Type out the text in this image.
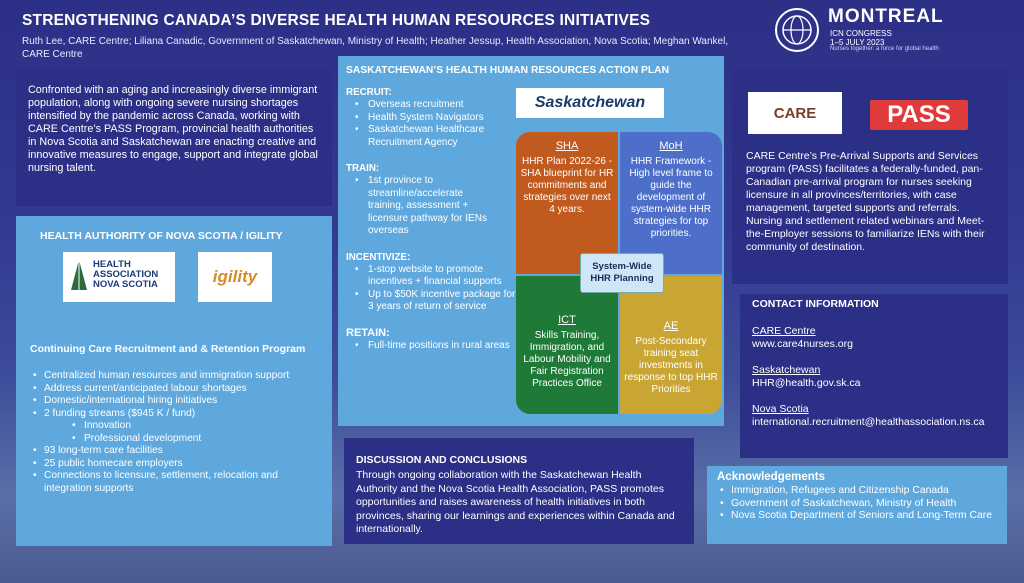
STRENGTHENING CANADA’S DIVERSE HEALTH HUMAN RESOURCES INITIATIVES
Ruth Lee, CARE Centre; Liliana Canadic, Government of Saskatchewan, Ministry of Health; Heather Jessup, Health Association, Nova Scotia; Meghan Wankel, CARE Centre
MONTREAL
ICN CONGRESS
1–5 JULY 2023
Nurses together: a force for global health
Confronted with an aging and increasingly diverse immigrant population, along with ongoing severe nursing shortages intensified by the pandemic across Canada, working with CARE Centre’s PASS Program, provincial health authorities in Nova Scotia and Saskatchewan are enacting creative and innovative measures to engage, support and integrate global nursing talent.
HEALTH AUTHORITY OF NOVA SCOTIA / IGILITY
Continuing Care Recruitment and & Retention Program
• Centralized human resources and immigration support
• Address current/anticipated labour shortages
• Domestic/international hiring initiatives
• 2 funding streams ($945 K / fund)
• Innovation
• Professional development
• 93 long-term care facilities
• 25 public homecare employers
• Connections to licensure, settlement, relocation and integration supports
HEALTH
ASSOCIATION
NOVA SCOTIA	igility
SASKATCHEWAN’S HEALTH HUMAN RESOURCES ACTION PLAN
RECRUIT:
• Overseas recruitment
• Health System Navigators
• Saskatchewan Healthcare Recruitment Agency
TRAIN:
• 1st province to streamline/accelerate training, assessment + licensure pathway for IENs overseas
INCENTIVIZE:
• 1-stop website to promote incentives + financial supports
• Up to $50K incentive package for 3 years of return of service
RETAIN:
• Full-time positions in rural areas
Saskatchewan
SHA
HHR Plan 2022-26 - SHA blueprint for HR commitments and strategies over next 4 years.
MoH
HHR Framework - High level frame to guide the development of system-wide HHR strategies for top priorities.
ICT
Skills Training, Immigration, and Labour Mobility and Fair Registration Practices Office
AE
Post-Secondary training seat investments in response to top HHR Priorities
System-Wide HHR Planning
DISCUSSION AND CONCLUSIONS

Through ongoing collaboration with the Saskatchewan Health Authority and the Nova Scotia Health Association, PASS promotes opportunities and raises awareness of health initiatives in both provinces, sharing our learnings and experiences within Canada and internationally.

CARE Centre’s Pre-Arrival Supports and Services program (PASS) facilitates a federally-funded, pan-Canadian pre-arrival program for nurses seeking licensure in all provinces/territories, with case management, targeted supports and referrals. Nursing and settlement related webinars and Meet-the-Employer sessions to familiarize IENs with their community of destination.

CARE	PASS
CONTACT INFORMATION
CARE Centre
www.care4nurses.org
Saskatchewan
HHR@health.gov.sk.ca
Nova Scotia
international.recruitment@healthassociation.ns.ca
Acknowledgements
• Immigration, Refugees and Citizenship Canada
• Government of Saskatchewan, Ministry of Health
• Nova Scotia Department of Seniors and Long-Term Care
